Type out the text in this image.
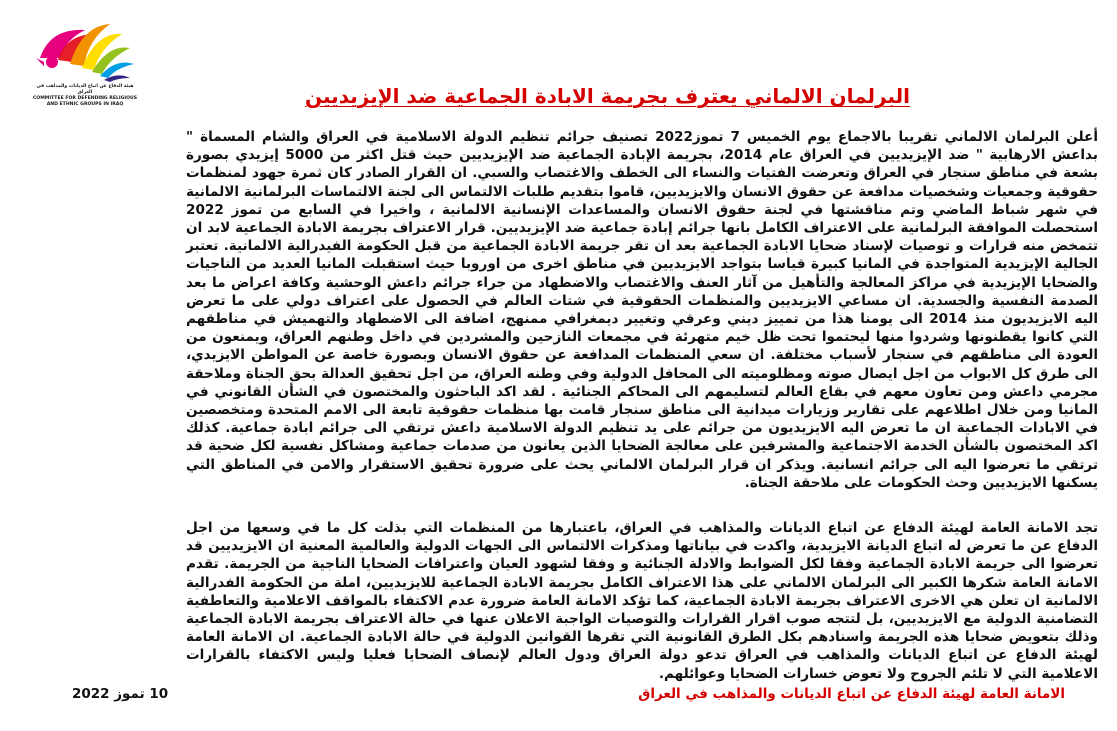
هيئة الدفاع عن اتباع الديانات والمذاهب في العراق
COMMITTEE FOR DEFENDING RELIGIOUS AND ETHNIC GROUPS IN IRAQ	البرلمان الالماني يعترف بجريمة الابادة الجماعية ضد الإيزيديين
أعلن البرلمان الالماني تقريبا بالاجماع يوم الخميس 7 تموز2022 تصنيف جرائم تنظيم الدولة الاسلامية في العراق والشام المسماة " بداعش الارهابية " ضد الإيزيديين في العراق عام 2014، بجريمة الإبادة الجماعية ضد الإيزيديين حيث قتل اكثر من 5000 إيزيدي بصورة بشعة في مناطق سنجار في العراق وتعرضت الفتيات والنساء الى الخطف والاغتصاب والسبي. ان القرار الصادر كان ثمرة جهود لمنظمات حقوقية وجمعيات وشخصيات مدافعة عن حقوق الانسان والايزيديين، قاموا بتقديم طلبات الالتماس الى لجنة الالتماسات البرلمانية الالمانية في شهر شباط الماضي وتم مناقشتها في لجنة حقوق الانسان والمساعدات الإنسانية الالمانية ، واخيرا في السابع من تموز 2022 استحصلت الموافقة البرلمانية على الاعتراف الكامل بانها جرائم إبادة جماعية ضد الإيزيديين. قرار الاعتراف بجريمة الابادة الجماعية لابد ان تتمخض منه قرارات و توصيات لإسناد ضحايا الابادة الجماعية بعد ان تقر جريمة الابادة الجماعية من قبل الحكومة الفيدرالية الالمانية. تعتبر الجالية الإيزيدية المتواجدة في المانيا كبيرة قياسا بتواجد الايزيديين في مناطق اخرى من اوروبا حيث استقبلت المانيا العديد من الناجيات والضحايا الإيزيدية في مراكز المعالجة والتأهيل من آثار العنف والاغتصاب والاضطهاد من جراء جرائم داعش الوحشية وكافة اعراض ما بعد الصدمة النفسية والجسدية. ان مساعي الايزيديين والمنظمات الحقوقية في شتات العالم في الحصول على اعتراف دولي على ما تعرض اليه الايزيديون منذ 2014 الى يومنا هذا من تمييز ديني وعرقي وتغيير ديمغرافي ممنهج، اضافة الى الاضطهاد والتهميش في مناطقهم التي كانوا يقطنونها وشردوا منها ليحتموا تحت ظل خيم متهرئة في مجمعات النازحين والمشردين في داخل وطنهم العراق، ويمنعون من العودة الى مناطقهم في سنجار لأسباب مختلفة. ان سعي المنظمات المدافعة عن حقوق الانسان وبصورة خاصة عن المواطن الايزيدي، الى طرق كل الابواب من اجل ايصال صوته ومظلوميته الى المحافل الدولية وفي وطنه العراق، من اجل تحقيق العدالة بحق الجناة وملاحقة مجرمي داعش ومن تعاون معهم في بقاع العالم لتسليمهم الى المحاكم الجنائية . لقد اكد الباحثون والمختصون في الشأن القانوني في المانيا ومن خلال اطلاعهم على تقارير وزيارات ميدانية الى مناطق سنجار قامت بها منظمات حقوقية تابعة الى الامم المتحدة ومتخصصين في الابادات الجماعية ان ما تعرض اليه الايزيديون من جرائم على يد تنظيم الدولة الاسلامية داعش ترتقي الى جرائم ابادة جماعية. كذلك اكد المختصون بالشأن الخدمة الاجتماعية والمشرفين على معالجة الضحايا الذين يعانون من صدمات جماعية ومشاكل نفسية لكل ضحية قد ترتقي ما تعرضوا اليه الى جرائم انسانية. ويذكر ان قرار البرلمان الالماني يحث على ضرورة تحقيق الاستقرار والامن في المناطق التي يسكنها الايزيديين وحث الحكومات على ملاحقة الجناة.
تجد الامانة العامة لهيئة الدفاع عن اتباع الديانات والمذاهب في العراق، باعتبارها من المنظمات التي بذلت كل ما في وسعها من اجل الدفاع عن ما تعرض له اتباع الديانة الايزيدية، واكدت في بياناتها ومذكرات الالتماس الى الجهات الدولية والعالمية المعنية ان الايزيديين قد تعرضوا الى جريمة الابادة الجماعية وفقا لكل الضوابط والادلة الجنائية و وفقا لشهود العيان واعترافات الضحايا الناجية من الجريمة. تقدم الامانة العامة شكرها الكبير الى البرلمان الالماني على هذا الاعتراف الكامل بجريمة الابادة الجماعية للايزيديين، املة من الحكومة الفدرالية الالمانية ان تعلن هي الاخرى الاعتراف بجريمة الابادة الجماعية، كما تؤكد الامانة العامة ضرورة عدم الاكتفاء بالمواقف الاعلامية والتعاطفية التضامنية الدولية مع الايزيديين، بل لتتجه صوب اقرار القرارات والتوصيات الواجبة الاعلان عنها في حالة الاعتراف بجريمة الابادة الجماعية وذلك بتعويض ضحايا هذه الجريمة واسنادهم بكل الطرق القانونية التي تقرها القوانين الدولية في حالة الابادة الجماعية. ان الامانة العامة لهيئة الدفاع عن اتباع الديانات والمذاهب في العراق تدعو دولة العراق ودول العالم لإنصاف الضحايا فعليا وليس الاكتفاء بالقرارات الاعلامية التي لا تلئم الجروح ولا تعوض خسارات الضحايا وعوائلهم.
الامانة العامة لهيئة الدفاع عن اتباع الديانات والمذاهب في العراق
10 تموز 2022
